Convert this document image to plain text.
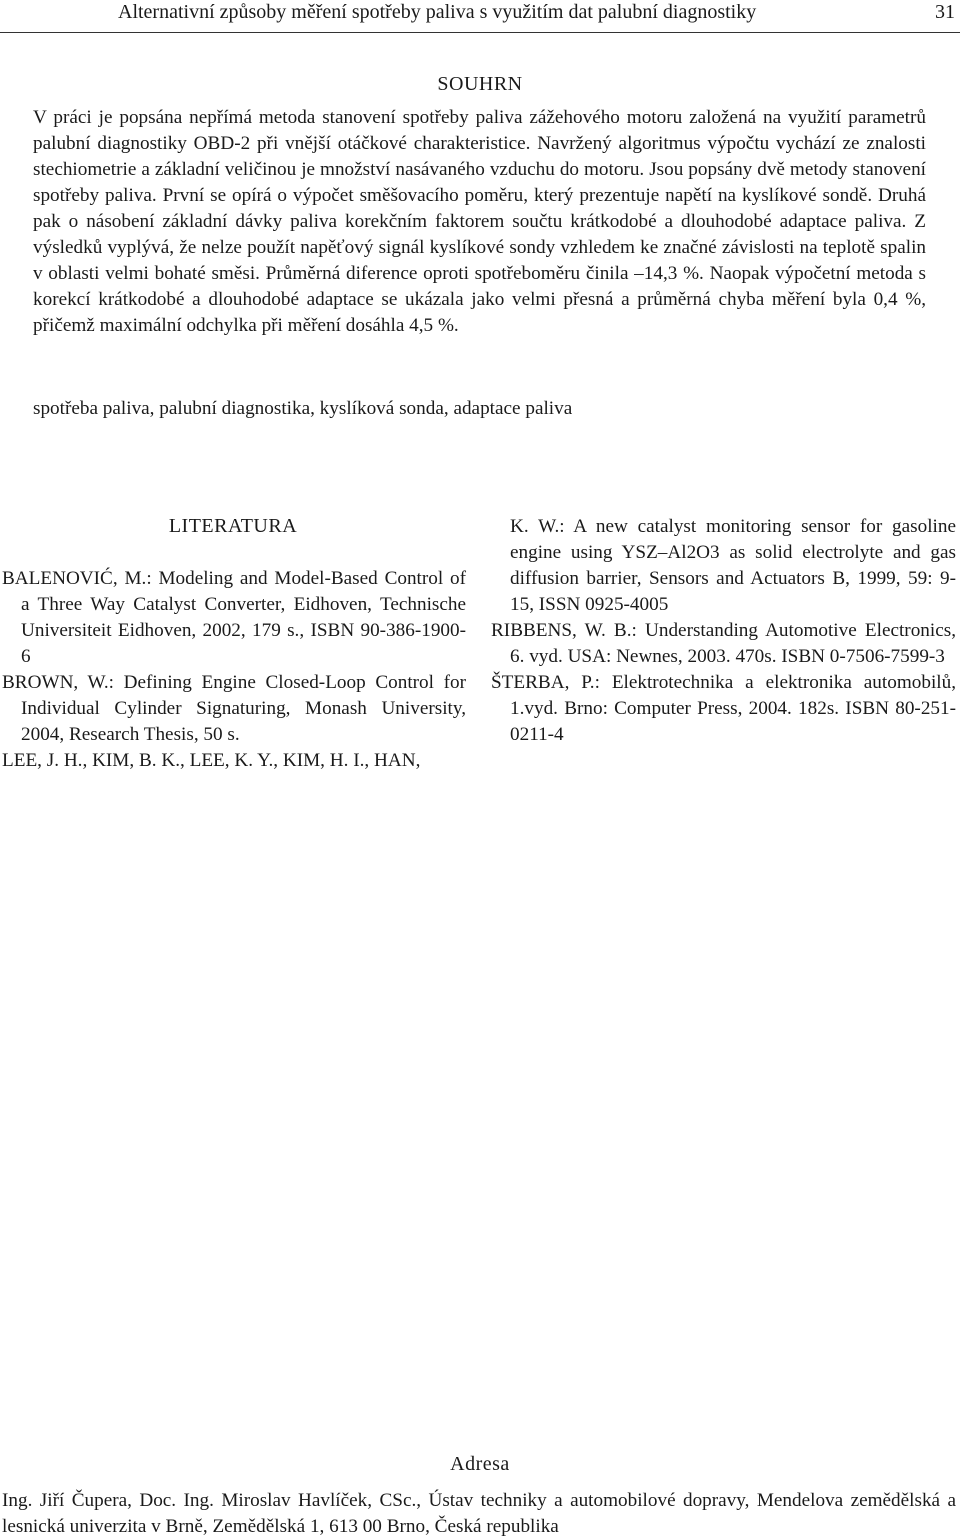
Alternativní způsoby měření spotřeby paliva s využitím dat palubní diagnostiky	31
SOUHRN

V práci je popsána nepřímá metoda stanovení spotřeby paliva zážehového motoru založená na využití parametrů palubní diagnostiky OBD-2 při vnější otáčkové charakteristice. Navržený algoritmus výpočtu vychází ze znalosti stechiometrie a základní veličinou je množství nasávaného vzduchu do motoru. Jsou popsány dvě metody stanovení spotřeby paliva. První se opírá o výpočet směšovacího poměru, který prezentuje napětí na kyslíkové sondě. Druhá pak o násobení základní dávky paliva korekčním faktorem součtu krátkodobé a dlouhodobé adaptace paliva. Z výsledků vyplývá, že nelze použít napěťový signál kyslíkové sondy vzhledem ke značné závislosti na teplotě spalin v oblasti velmi bohaté směsi. Průměrná diference oproti spotřeboměru činila –14,3 %. Naopak výpočetní metoda s korekcí krátkodobé a dlouhodobé adaptace se ukázala jako velmi přesná a průměrná chyba měření byla 0,4 %, přičemž maximální odchylka při měření dosáhla 4,5 %.

spotřeba paliva, palubní diagnostika, kyslíková sonda, adaptace paliva

LITERATURA

BALENOVIĆ, M.: Modeling and Model-Based Control of a Three Way Catalyst Converter, Eidhoven, Technische Universiteit Eidhoven, 2002, 179 s., ISBN 90-386-1900-6

BROWN, W.: Defining Engine Closed-Loop Control for Individual Cylinder Signaturing, Monash University, 2004, Research Thesis, 50 s.

LEE, J. H., KIM, B. K., LEE, K. Y., KIM, H. I., HAN,

K. W.: A new catalyst monitoring sensor for gasoline engine using YSZ–Al2O3 as solid electrolyte and gas diffusion barrier, Sensors and Actuators B, 1999, 59: 9-15, ISSN 0925-4005

RIBBENS, W. B.: Understanding Automotive Electronics, 6. vyd. USA: Newnes, 2003. 470s. ISBN 0-7506-7599-3

ŠTERBA, P.: Elektrotechnika a elektronika automobilů, 1.vyd. Brno: Computer Press, 2004. 182s. ISBN 80-251-0211-4

Adresa

Ing. Jiří Čupera, Doc. Ing. Miroslav Havlíček, CSc., Ústav techniky a automobilové dopravy, Mendelova zemědělská a lesnická univerzita v Brně, Zemědělská 1, 613 00 Brno, Česká republika
